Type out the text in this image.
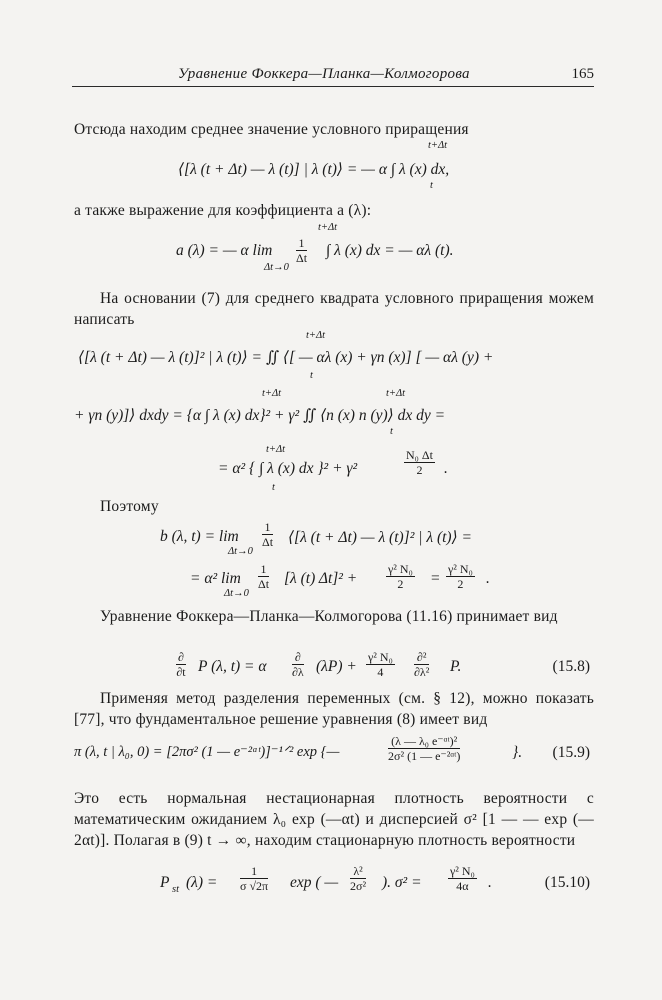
Уравнение Фоккера—Планка—Колмогорова	165
Отсюда находим среднее значение условного приращения
t+Δt
⟨[λ (t + Δt) — λ (t)] | λ (t)⟩ = — α ∫ λ (x) dx,
t
а также выражение для коэффициента a (λ):
t+Δt
a (λ) = — α lim
Δt→0
$\frac{1}{\Delta t}$ ∫ λ (x) dx = — αλ (t).
На основании (7) для среднего квадрата условного приращения можем написать
t+Δt
⟨[λ (t + Δt) — λ (t)]² | λ (t)⟩ = ∬ ⟨[ — αλ (x) + γn (x)] [ — αλ (y) +
t
t+Δt	t+Δt
+ γn (y)]⟩ dxdy = {α ∫ λ (x) dx}² + γ² ∬ ⟨n (x) n (y)⟩ dx dy =
t
t+Δt
= α² { ∫ λ (x) dx }² + γ²
t
$\frac{\text{N₀ Δt}}{2}$ .
Поэтому
b (λ, t) = lim
Δt→0
$\frac{1}{\Delta t}$ ⟨[λ (t + Δt) — λ (t)]² | λ (t)⟩ =
= α² lim
Δt→0
$\frac{1}{\Delta t} [\lambda$ (t) $\Delta t]^2 + \frac{\text{γ² N₀}}{2} = \frac{\text{γ² N₀}}{2}$ .
Уравнение Фоккера—Планка—Колмогорова (11.16) принимает вид
∂
∂t P (λ, t) = α
∂
∂λ $(\lambda P) + \frac{\text{γ² N₀}}{4} \partial^2$
∂λ² P.	(15.8)
Применяя метод разделения переменных (см. § 12), можно показать [77], что фундаментальное решение уравнения (8) имеет вид
π (λ, t | λ₀, 0) = [2πσ² (1 — e⁻²ᵅᵗ)]⁻¹ᐟ² exp {—	$\frac{\text{(λ — λ₀ e⁻ᵅᵗ)²}}{\text{2σ² (1 — e⁻²ᵅᵗ)}}$	}. (15.9)
Это есть нормальная нестационарная плотность вероятности с математическим ожиданием λ₀ exp (—αt) и дисперсией σ² [1 — — exp (—2αt)]. Полагая в (9) t → ∞, находим стационарную плотность вероятности
P st $(\lambda) = \frac{1}{\sigma √2\pi}$ exp ( — $\frac{\text{λ²}}{\text{2σ²}}$ ). $\sigma^2 = \frac{\text{γ² N₀}}{4\alpha}$ .	(15.10)
